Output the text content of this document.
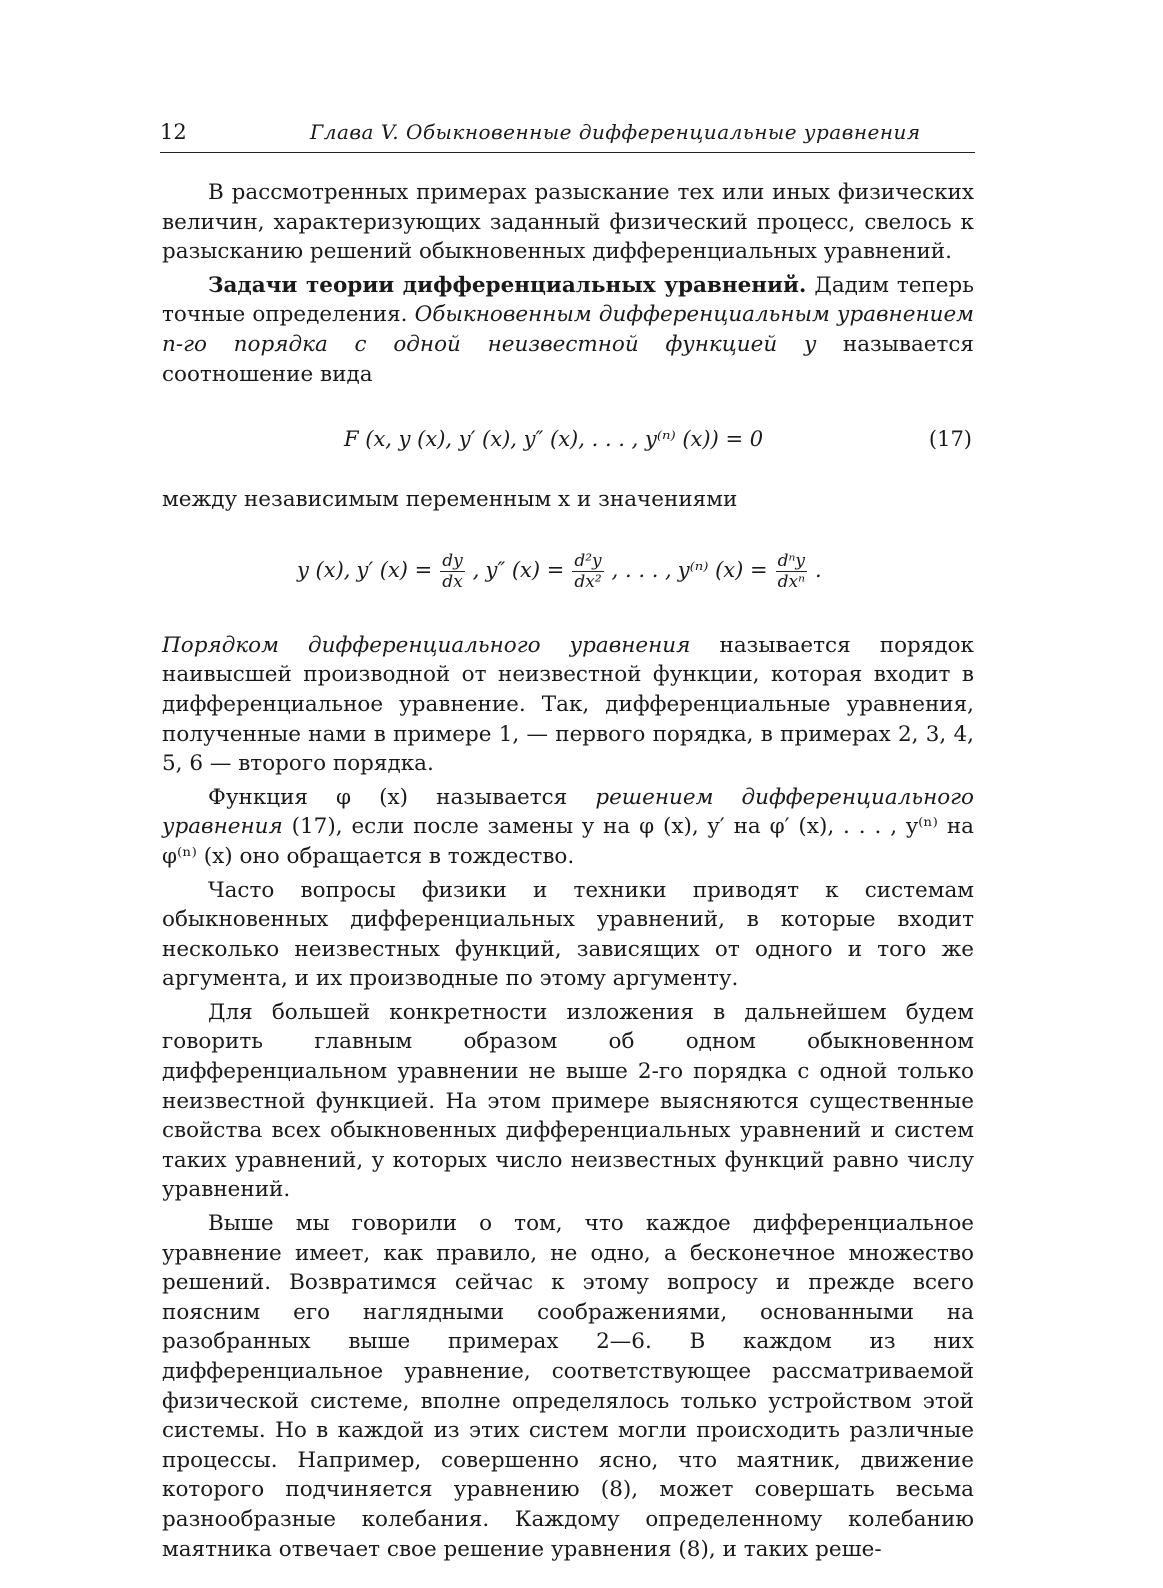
12	Глава V. Обыкновенные дифференциальные уравнения

В рассмотренных примерах разыскание тех или иных физических величин, характеризующих заданный физический процесс, свелось к разысканию решений обыкновенных дифференциальных уравнений.

Задачи теории дифференциальных уравнений. Дадим теперь точные определения. Обыкновенным дифференциальным уравнением n-го порядка с одной неизвестной функцией y называется соотношение вида

F (x, y (x), y′ (x), y″ (x), . . . , y⁽ⁿ⁾ (x)) = 0	(17)

между независимым переменным x и значениями

y (x), y′ $(x) = \frac{dy}{dx}$ , y″ $(x) = \frac{\text{d²y}}{\text{dx²}}$ , . . . , y⁽ⁿ⁾ $(x) = \frac{\text{dⁿy}}{\text{dxⁿ}}$ .

Порядком дифференциального уравнения называется порядок наивысшей производной от неизвестной функции, которая входит в дифференциальное уравнение. Так, дифференциальные уравнения, полученные нами в примере 1, — первого порядка, в примерах 2, 3, 4, 5, 6 — второго порядка.

Функция φ (x) называется решением дифференциального уравнения (17), если после замены y на φ (x), y′ на φ′ (x), . . . , y⁽ⁿ⁾ на φ⁽ⁿ⁾ (x) оно обращается в тождество.

Часто вопросы физики и техники приводят к системам обыкновенных дифференциальных уравнений, в которые входит несколько неизвестных функций, зависящих от одного и того же аргумента, и их производные по этому аргументу.

Для большей конкретности изложения в дальнейшем будем говорить главным образом об одном обыкновенном дифференциальном уравнении не выше 2-го порядка с одной только неизвестной функцией. На этом примере выясняются существенные свойства всех обыкновенных дифференциальных уравнений и систем таких уравнений, у которых число неизвестных функций равно числу уравнений.

Выше мы говорили о том, что каждое дифференциальное уравнение имеет, как правило, не одно, а бесконечное множество решений. Возвратимся сейчас к этому вопросу и прежде всего поясним его наглядными соображениями, основанными на разобранных выше примерах 2—6. В каждом из них дифференциальное уравнение, соответствующее рассматриваемой физической системе, вполне определялось только устройством этой системы. Но в каждой из этих систем могли происходить различные процессы. Например, совершенно ясно, что маятник, движение которого подчиняется уравнению (8), может совершать весьма разнообразные колебания. Каждому определенному колебанию маятника отвечает свое решение уравнения (8), и таких реше-
